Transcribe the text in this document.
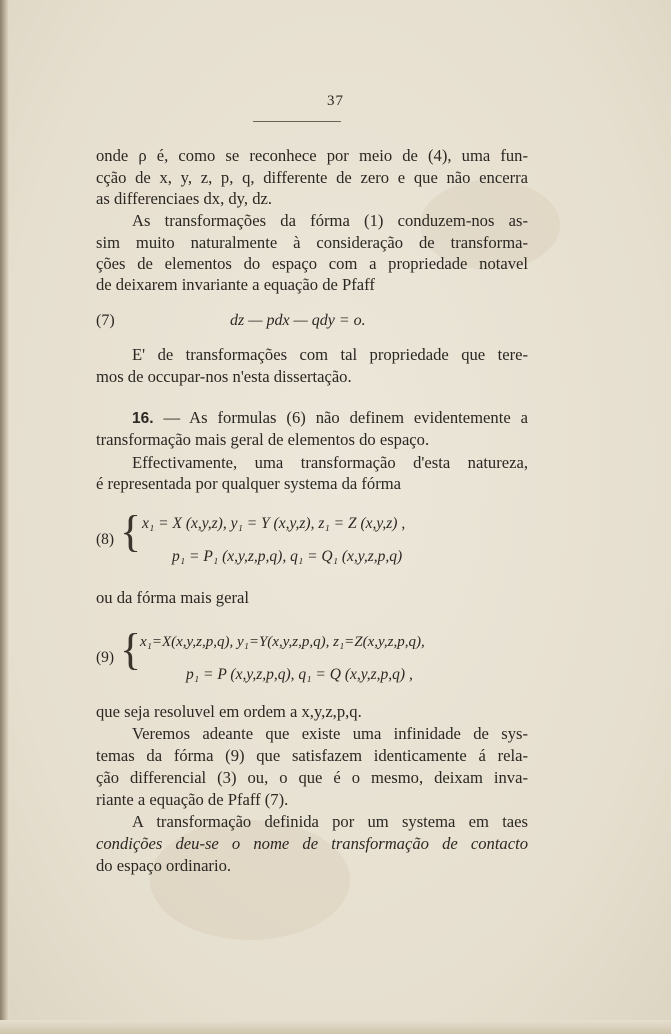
37
onde ρ é, como se reconhece por meio de (4), uma fun-
cção de x, y, z, p, q, differente de zero e que não encerra
as differenciaes dx, dy, dz.
As transformações da fórma (1) conduzem-nos as-
sim muito naturalmente à consideração de transforma-
ções de elementos do espaço com a propriedade notavel
de deixarem invariante a equação de Pfaff
E' de transformações com tal propriedade que tere-
mos de occupar-nos n'esta dissertação.
16. — As formulas (6) não definem evidentemente a
transformação mais geral de elementos do espaço.
Effectivamente, uma transformação d'esta natureza,
é representada por qualquer systema da fórma
ou da fórma mais geral
que seja resoluvel em ordem a x,y,z,p,q.
Veremos adeante que existe uma infinidade de sys-
temas da fórma (9) que satisfazem identicamente á rela-
ção differencial (3) ou, o que é o mesmo, deixam inva-
riante a equação de Pfaff (7).
A transformação definida por um systema em taes
condições deu-se o nome de transformação de contacto
do espaço ordinario.
(7)	dz — pdx — qdy = o.
(8) { x₁ = X (x,y,z), y₁ = Y (x,y,z), z₁ = Z (x,y,z) ,
p₁ = P₁ (x,y,z,p,q), q₁ = Q₁ (x,y,z,p,q)
(9) {
x₁=X(x,y,z,p,q), y₁=Y(x,y,z,p,q), z₁=Z(x,y,z,p,q),
p₁ = P (x,y,z,p,q), q₁ = Q (x,y,z,p,q) ,
